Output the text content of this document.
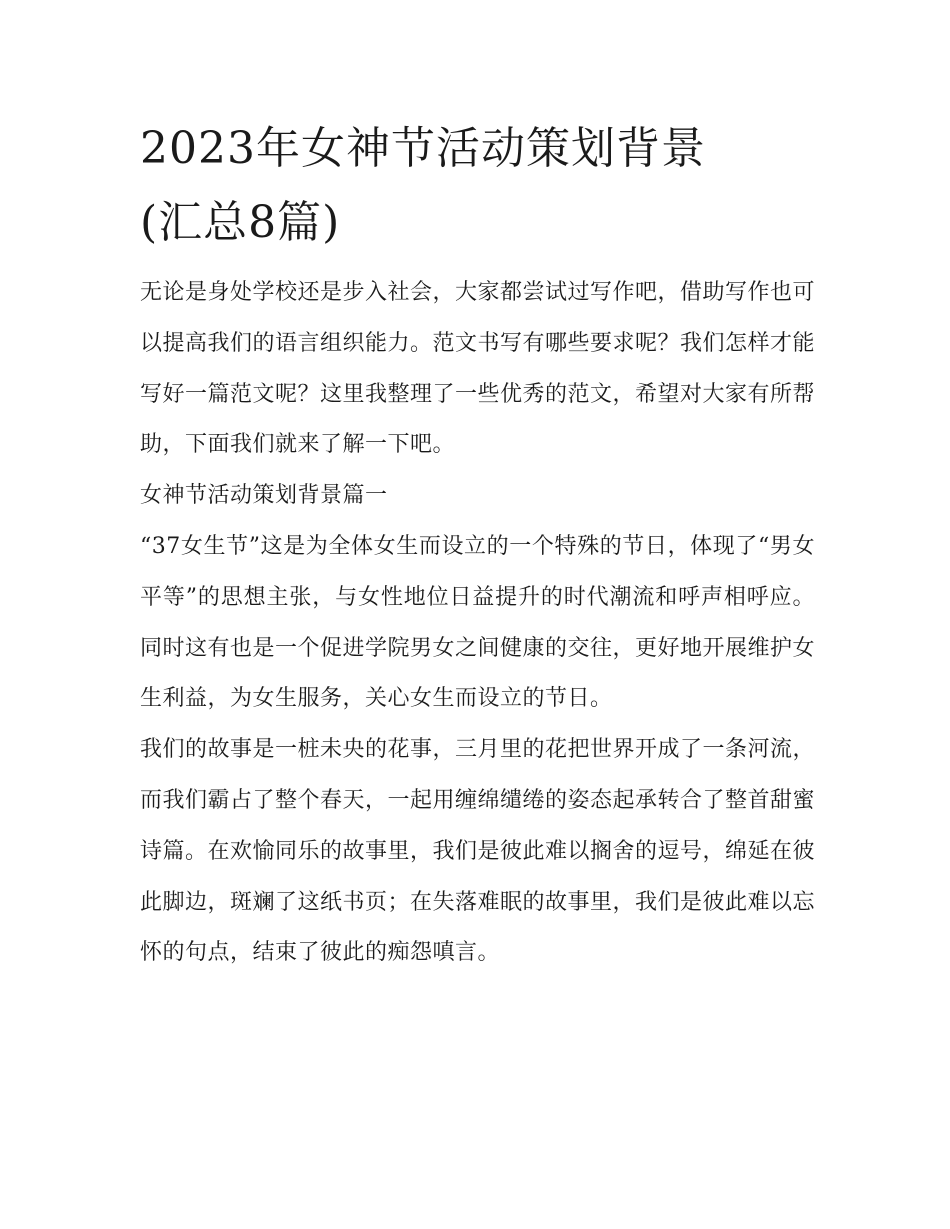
2023年女神节活动策划背景
(汇总8篇)

无论是身处学校还是步入社会，大家都尝试过写作吧，借助写作也可以提高我们的语言组织能力。范文书写有哪些要求呢？我们怎样才能写好一篇范文呢？这里我整理了一些优秀的范文，希望对大家有所帮助，下面我们就来了解一下吧。

女神节活动策划背景篇一

“37女生节”这是为全体女生而设立的一个特殊的节日，体现了“男女平等”的思想主张，与女性地位日益提升的时代潮流和呼声相呼应。同时这有也是一个促进学院男女之间健康的交往，更好地开展维护女生利益，为女生服务，关心女生而设立的节日。

我们的故事是一桩未央的花事，三月里的花把世界开成了一条河流，而我们霸占了整个春天，一起用缠绵缱绻的姿态起承转合了整首甜蜜诗篇。在欢愉同乐的故事里，我们是彼此难以搁舍的逗号，绵延在彼此脚边，斑斓了这纸书页；在失落难眠的故事里，我们是彼此难以忘怀的句点，结束了彼此的痴怨嗔言。
